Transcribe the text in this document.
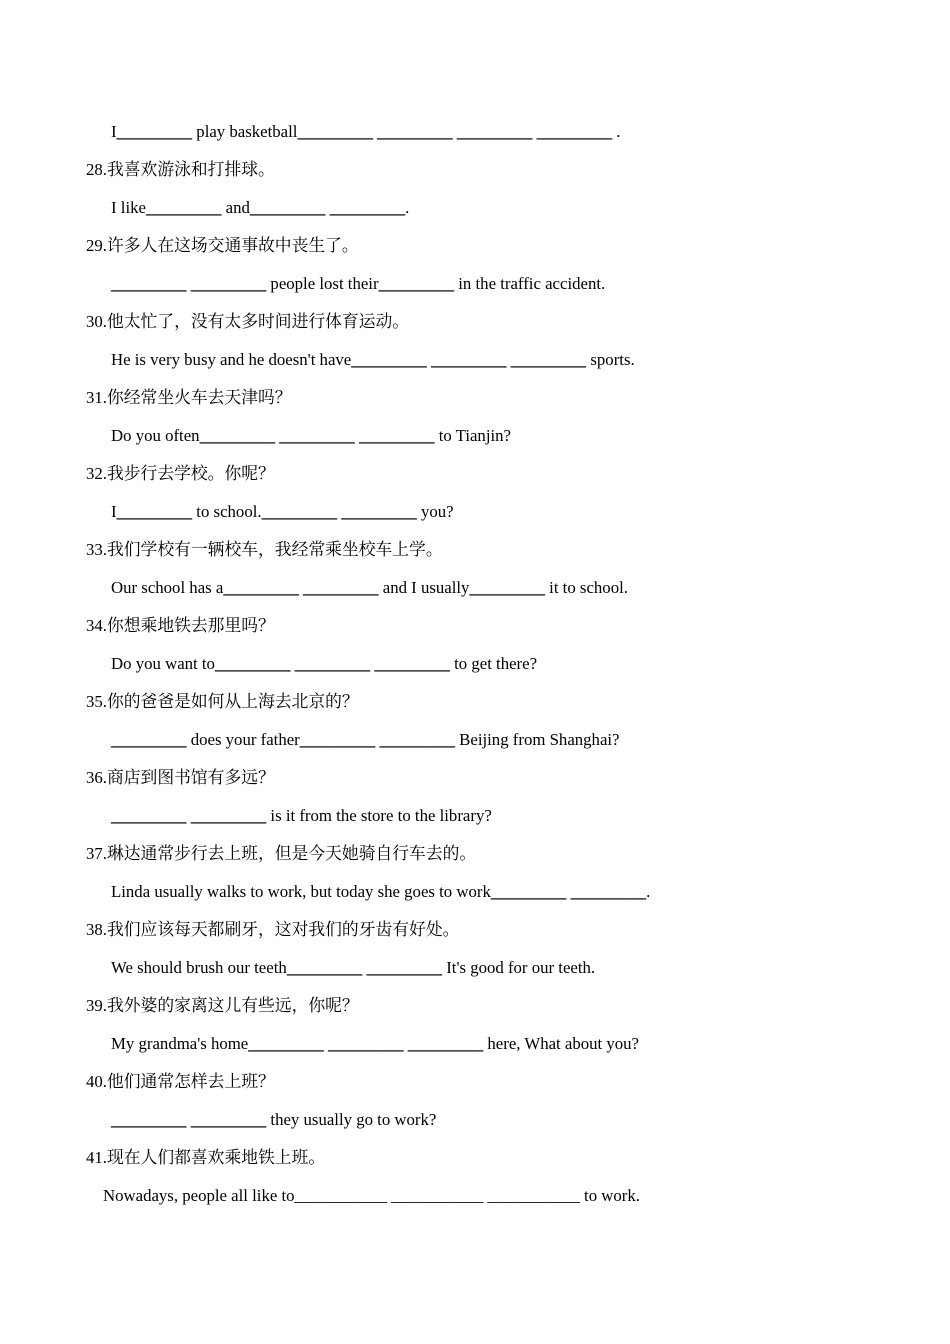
I_________ play basketball_________ _________ _________ _________ .

28.我喜欢游泳和打排球。

I like_________ and_________ _________.

29.许多人在这场交通事故中丧生了。

_________ _________ people lost their_________ in the traffic accident.

30.他太忙了，没有太多时间进行体育运动。

He is very busy and he doesn't have_________ _________ _________ sports.

31.你经常坐火车去天津吗？

Do you often_________ _________ _________ to Tianjin?

32.我步行去学校。你呢？

I_________ to school._________ _________ you?

33.我们学校有一辆校车，我经常乘坐校车上学。

Our school has a_________ _________ and I usually_________ it to school.

34.你想乘地铁去那里吗？

Do you want to_________ _________ _________ to get there?

35.你的爸爸是如何从上海去北京的？

_________ does your father_________ _________ Beijing from Shanghai?

36.商店到图书馆有多远？

_________ _________ is it from the store to the library?

37.琳达通常步行去上班，但是今天她骑自行车去的。

Linda usually walks to work, but today she goes to work_________ _________.

38.我们应该每天都刷牙，这对我们的牙齿有好处。

We should brush our teeth_________ _________ It's good for our teeth.

39.我外婆的家离这儿有些远，你呢？

My grandma's home_________ _________ _________ here, What about you?

40.他们通常怎样去上班？

_________ _________ they usually go to work?

41.现在人们都喜欢乘地铁上班。

Nowadays, people all like to___________ ___________ ___________ to work.
